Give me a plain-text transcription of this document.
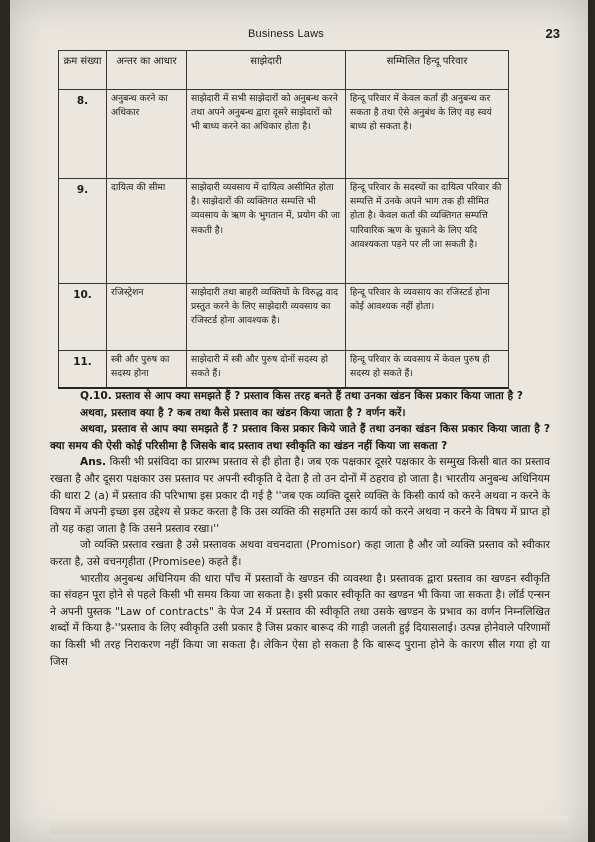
Business Laws	23
क्रम संख्या	अन्तर का आधार	साझेदारी	सम्मिलित हिन्दू परिवार
8.	अनुबन्ध करने का अधिकार	साझेदारी में सभी साझेदारों को अनुबन्ध करने तथा अपने अनुबन्ध द्वारा दूसरे साझेदारों को भी बाध्य करने का अधिकार होता है।	हिन्दू परिवार में केवल कर्ता ही अनुबन्ध कर सकता है तथा ऐसे अनुबंध के लिए वह स्वयं बाध्य हो सकता है।
9.	दायित्व की सीमा	साझेदारी व्यवसाय में दायित्व असीमित होता है। साझेदारों की व्यक्तिगत सम्पत्ति भी व्यवसाय के ऋण के भुगतान में, प्रयोग की जा सकती है।	हिन्दू परिवार के सदस्यों का दायित्व परिवार की सम्पत्ति में उनके अपने भाग तक ही सीमित होता है। केवल कर्ता की व्यक्तिगत सम्पत्ति पारिवारिक ऋण के चुकाने के लिए यदि आवश्यकता पड़ने पर ली जा सकती है।
10.	रजिस्ट्रेशन	साझेदारी तथा बाहरी व्यक्तियों के विरुद्ध वाद प्रस्तुत करने के लिए साझेदारी व्यवसाय का रजिस्टर्ड होना आवश्यक है।	हिन्दू परिवार के व्यवसाय का रजिस्टर्ड होना कोई आवश्यक नहीं होता।
11.	स्त्री और पुरुष का सदस्य होना	साझेदारी में स्त्री और पुरुष दोनों सदस्य हो सकते हैं।	हिन्दू परिवार के व्यवसाय में केवल पुरुष ही सदस्य हो सकते हैं।

Q.10. प्रस्ताव से आप क्या समझते हैं ? प्रस्ताव किस तरह बनते हैं तथा उनका खंडन किस प्रकार किया जाता है ?

अथवा, प्रस्ताव क्या है ? कब तथा कैसे प्रस्ताव का खंडन किया जाता है ? वर्णन करें।

अथवा, प्रस्ताव से आप क्या समझते हैं ? प्रस्ताव किस प्रकार किये जाते हैं तथा उनका खंडन किस प्रकार किया जाता है ? क्या समय की ऐसी कोई परिसीमा है जिसके बाद प्रस्ताव तथा स्वीकृति का खंडन नहीं किया जा सकता ?

Ans. किसी भी प्रसंविदा का प्रारम्भ प्रस्ताव से ही होता है। जब एक पक्षकार दूसरे पक्षकार के सम्मुख किसी बात का प्रस्ताव रखता है और दूसरा पक्षकार उस प्रस्ताव पर अपनी स्वीकृति दे देता है तो उन दोनों में ठहराव हो जाता है। भारतीय अनुबन्ध अधिनियम की धारा 2 (a) में प्रस्ताव की परिभाषा इस प्रकार दी गई है ''जब एक व्यक्ति दूसरे व्यक्ति के किसी कार्य को करने अथवा न करने के विषय में अपनी इच्छा इस उद्देश्य से प्रकट करता है कि उस व्यक्ति की सहमति उस कार्य को करने अथवा न करने के विषय में प्राप्त हो तो यह कहा जाता है कि उसने प्रस्ताव रखा।''

जो व्यक्ति प्रस्ताव रखता है उसे प्रस्तावक अथवा वचनदाता (Promisor) कहा जाता है और जो व्यक्ति प्रस्ताव को स्वीकार करता है, उसे वचनगृहीता (Promisee) कहते हैं।

भारतीय अनुबन्ध अधिनियम की धारा पाँच में प्रस्तावों के खण्डन की व्यवस्था है। प्रस्तावक द्वारा प्रस्ताव का खण्डन स्वीकृति का संवहन पूरा होने से पहले किसी भी समय किया जा सकता है। इसी प्रकार स्वीकृति का खण्डन भी किया जा सकता है। लॉर्ड एन्सन ने अपनी पुस्तक "Law of contracts" के पेज 24 में प्रस्ताव की स्वीकृति तथा उसके खण्डन के प्रभाव का वर्णन निम्नलिखित शब्दों में किया है-''प्रस्ताव के लिए स्वीकृति उसी प्रकार है जिस प्रकार बारूद की गाड़ी जलती हुई दियासलाई। उत्पन्न होनेवाले परिणामों का किसी भी तरह निराकरण नहीं किया जा सकता है। लेकिन ऐसा हो सकता है कि बारूद पुराना होने के कारण सील गया हो या जिस
